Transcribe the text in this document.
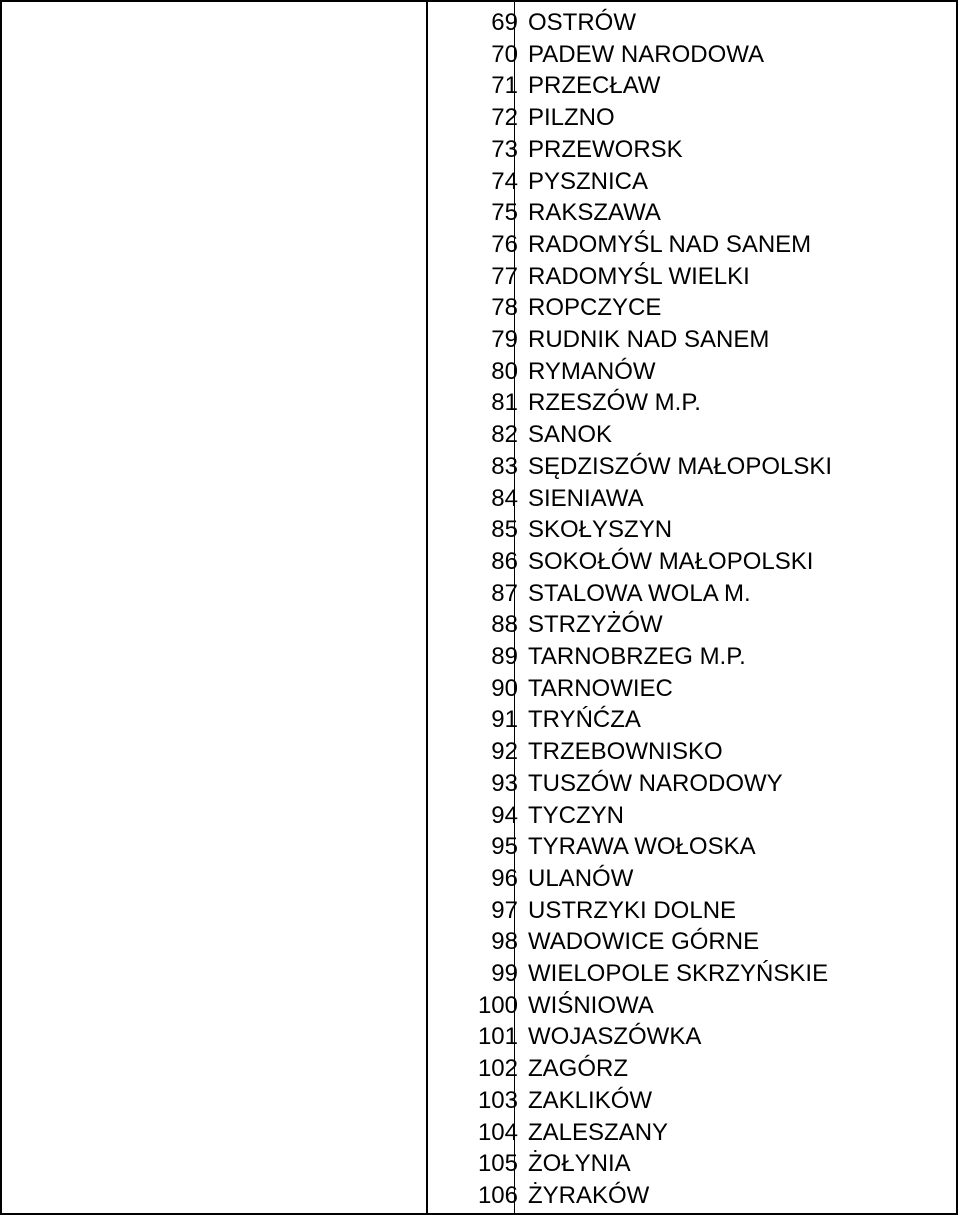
69 OSTRÓW
70 PADEW NARODOWA
71 PRZECŁAW
72 PILZNO
73 PRZEWORSK
74 PYSZNICA
75 RAKSZAWA
76 RADOMYŚL NAD SANEM
77 RADOMYŚL WIELKI
78 ROPCZYCE
79 RUDNIK NAD SANEM
80 RYMANÓW
81 RZESZÓW M.P.
82 SANOK
83 SĘDZISZÓW MAŁOPOLSKI
84 SIENIAWA
85 SKOŁYSZYN
86 SOKOŁÓW MAŁOPOLSKI
87 STALOWA WOLA M.
88 STRZYŻÓW
89 TARNOBRZEG M.P.
90 TARNOWIEC
91 TRYŃĆZA
92 TRZEBOWNISKO
93 TUSZÓW NARODOWY
94 TYCZYN
95 TYRAWA WOŁOSKA
96 ULANÓW
97 USTRZYKI DOLNE
98 WADOWICE GÓRNE
99 WIELOPOLE SKRZYŃSKIE
100 WIŚNIOWA
101 WOJASZÓWKA
102 ZAGÓRZ
103 ZAKLIKÓW
104 ZALESZANY
105 ŻOŁYNIA
106 ŻYRAKÓW
